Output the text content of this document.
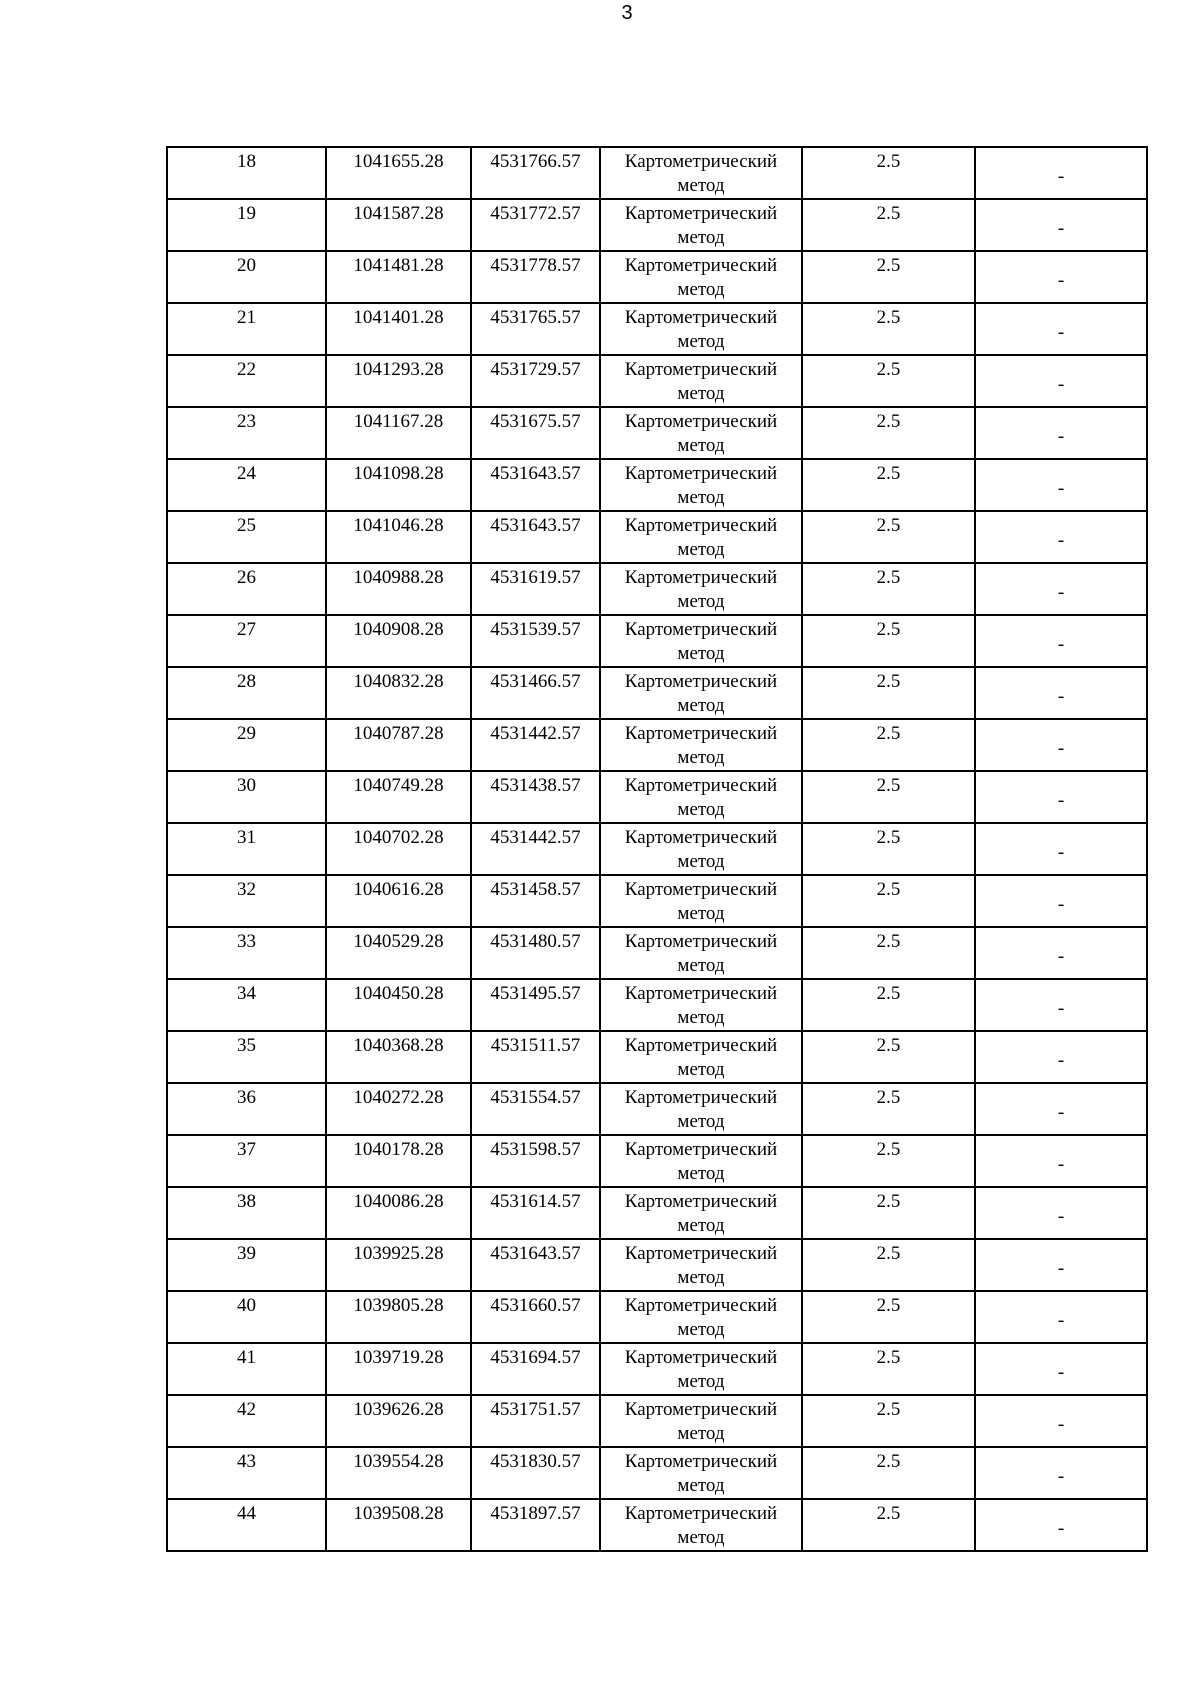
3
18	1041655.28	4531766.57	Картометрический
метод	2.5	-
19	1041587.28	4531772.57	Картометрический
метод	2.5	-
20	1041481.28	4531778.57	Картометрический
метод	2.5	-
21	1041401.28	4531765.57	Картометрический
метод	2.5	-
22	1041293.28	4531729.57	Картометрический
метод	2.5	-
23	1041167.28	4531675.57	Картометрический
метод	2.5	-
24	1041098.28	4531643.57	Картометрический
метод	2.5	-
25	1041046.28	4531643.57	Картометрический
метод	2.5	-
26	1040988.28	4531619.57	Картометрический
метод	2.5	-
27	1040908.28	4531539.57	Картометрический
метод	2.5	-
28	1040832.28	4531466.57	Картометрический
метод	2.5	-
29	1040787.28	4531442.57	Картометрический
метод	2.5	-
30	1040749.28	4531438.57	Картометрический
метод	2.5	-
31	1040702.28	4531442.57	Картометрический
метод	2.5	-
32	1040616.28	4531458.57	Картометрический
метод	2.5	-
33	1040529.28	4531480.57	Картометрический
метод	2.5	-
34	1040450.28	4531495.57	Картометрический
метод	2.5	-
35	1040368.28	4531511.57	Картометрический
метод	2.5	-
36	1040272.28	4531554.57	Картометрический
метод	2.5	-
37	1040178.28	4531598.57	Картометрический
метод	2.5	-
38	1040086.28	4531614.57	Картометрический
метод	2.5	-
39	1039925.28	4531643.57	Картометрический
метод	2.5	-
40	1039805.28	4531660.57	Картометрический
метод	2.5	-
41	1039719.28	4531694.57	Картометрический
метод	2.5	-
42	1039626.28	4531751.57	Картометрический
метод	2.5	-
43	1039554.28	4531830.57	Картометрический
метод	2.5	-
44	1039508.28	4531897.57	Картометрический
метод	2.5	-
